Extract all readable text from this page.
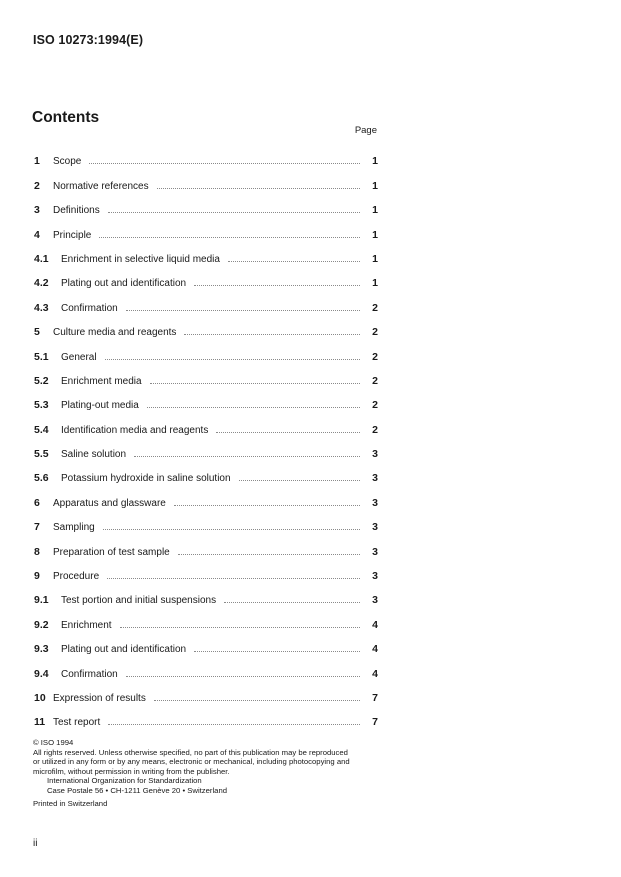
ISO 10273:1994(E)
Contents
Page
1	Scope	1
2	Normative references	1
3	Definitions	1
4	Principle	1
4.1	Enrichment in selective liquid media	1
4.2	Plating out and identification	1
4.3	Confirmation	2
5	Culture media and reagents	2
5.1	General	2
5.2	Enrichment media	2
5.3	Plating-out media	2
5.4	Identification media and reagents	2
5.5	Saline solution	3
5.6	Potassium hydroxide in saline solution	3
6	Apparatus and glassware	3
7	Sampling	3
8	Preparation of test sample	3
9	Procedure	3
9.1	Test portion and initial suspensions	3
9.2	Enrichment	4
9.3	Plating out and identification	4
9.4	Confirmation	4
10 Expression of results	7
11 Test report	7
© ISO 1994
All rights reserved. Unless otherwise specified, no part of this publication may be reproduced
or utilized in any form or by any means, electronic or mechanical, including photocopying and
microfilm, without permission in writing from the publisher.
International Organization for Standardization
Case Postale 56 • CH-1211 Genève 20 • Switzerland
Printed in Switzerland
ii
